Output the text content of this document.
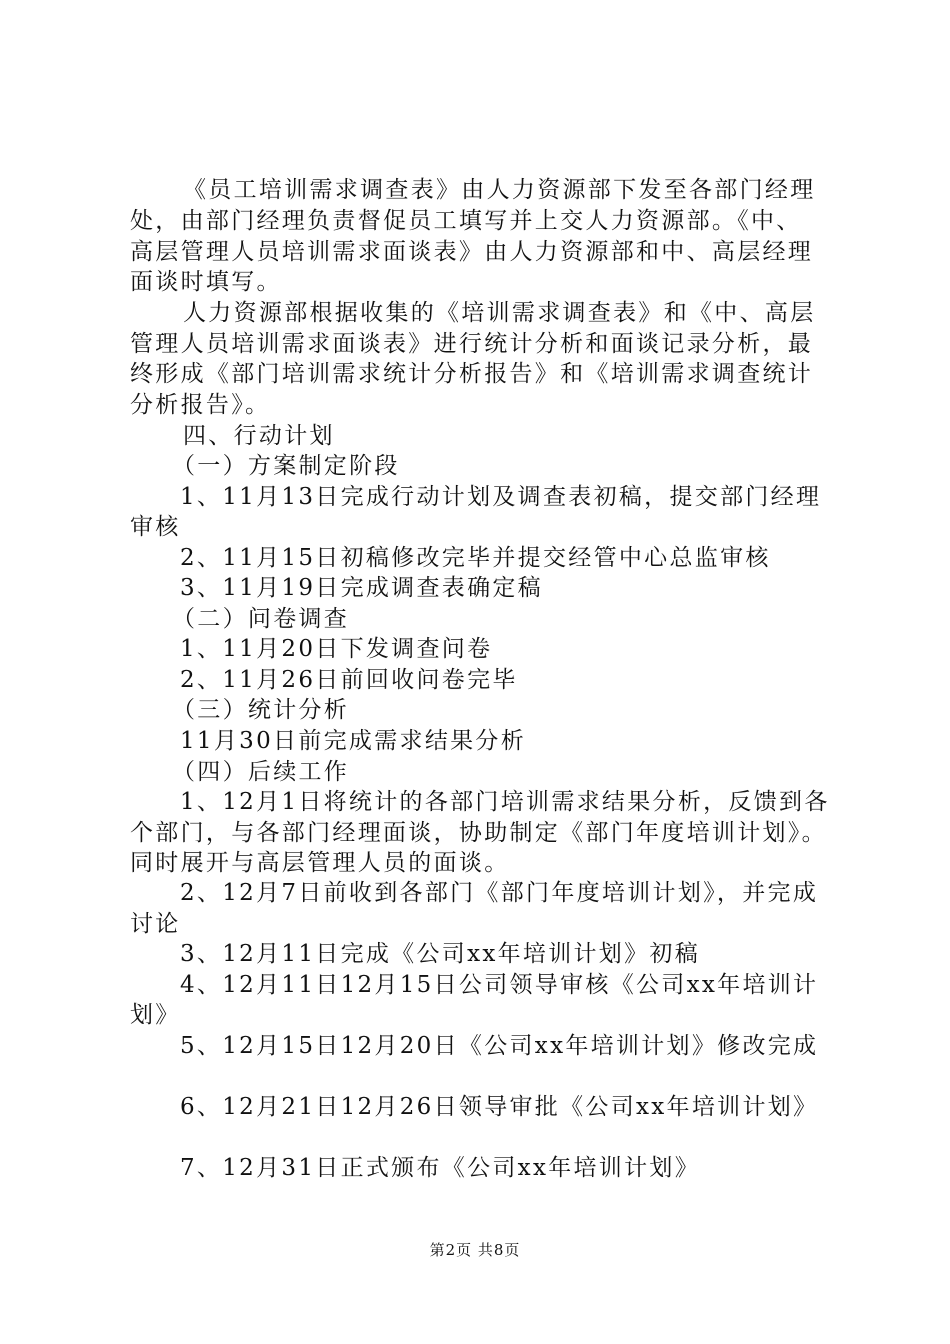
《员工培训需求调查表》由人力资源部下发至各部门经理
处，由部门经理负责督促员工填写并上交人力资源部。《中、
高层管理人员培训需求面谈表》由人力资源部和中、高层经理
面谈时填写。
人力资源部根据收集的《培训需求调查表》和《中、高层
管理人员培训需求面谈表》进行统计分析和面谈记录分析，最
终形成《部门培训需求统计分析报告》和《培训需求调查统计
分析报告》。
四、行动计划
（一）方案制定阶段
1、11月13日完成行动计划及调查表初稿，提交部门经理
审核
2、11月15日初稿修改完毕并提交经管中心总监审核
3、11月19日完成调查表确定稿
（二）问卷调查
1、11月20日下发调查问卷
2、11月26日前回收问卷完毕
（三）统计分析
11月30日前完成需求结果分析
（四）后续工作
1、12月1日将统计的各部门培训需求结果分析，反馈到各
个部门，与各部门经理面谈，协助制定《部门年度培训计划》。
同时展开与高层管理人员的面谈。
2、12月7日前收到各部门《部门年度培训计划》，并完成
讨论
3、12月11日完成《公司xx年培训计划》初稿
4、12月11日12月15日公司领导审核《公司xx年培训计
划》
5、12月15日12月20日《公司xx年培训计划》修改完成
6、12月21日12月26日领导审批《公司xx年培训计划》
7、12月31日正式颁布《公司xx年培训计划》
第2页 共8页
